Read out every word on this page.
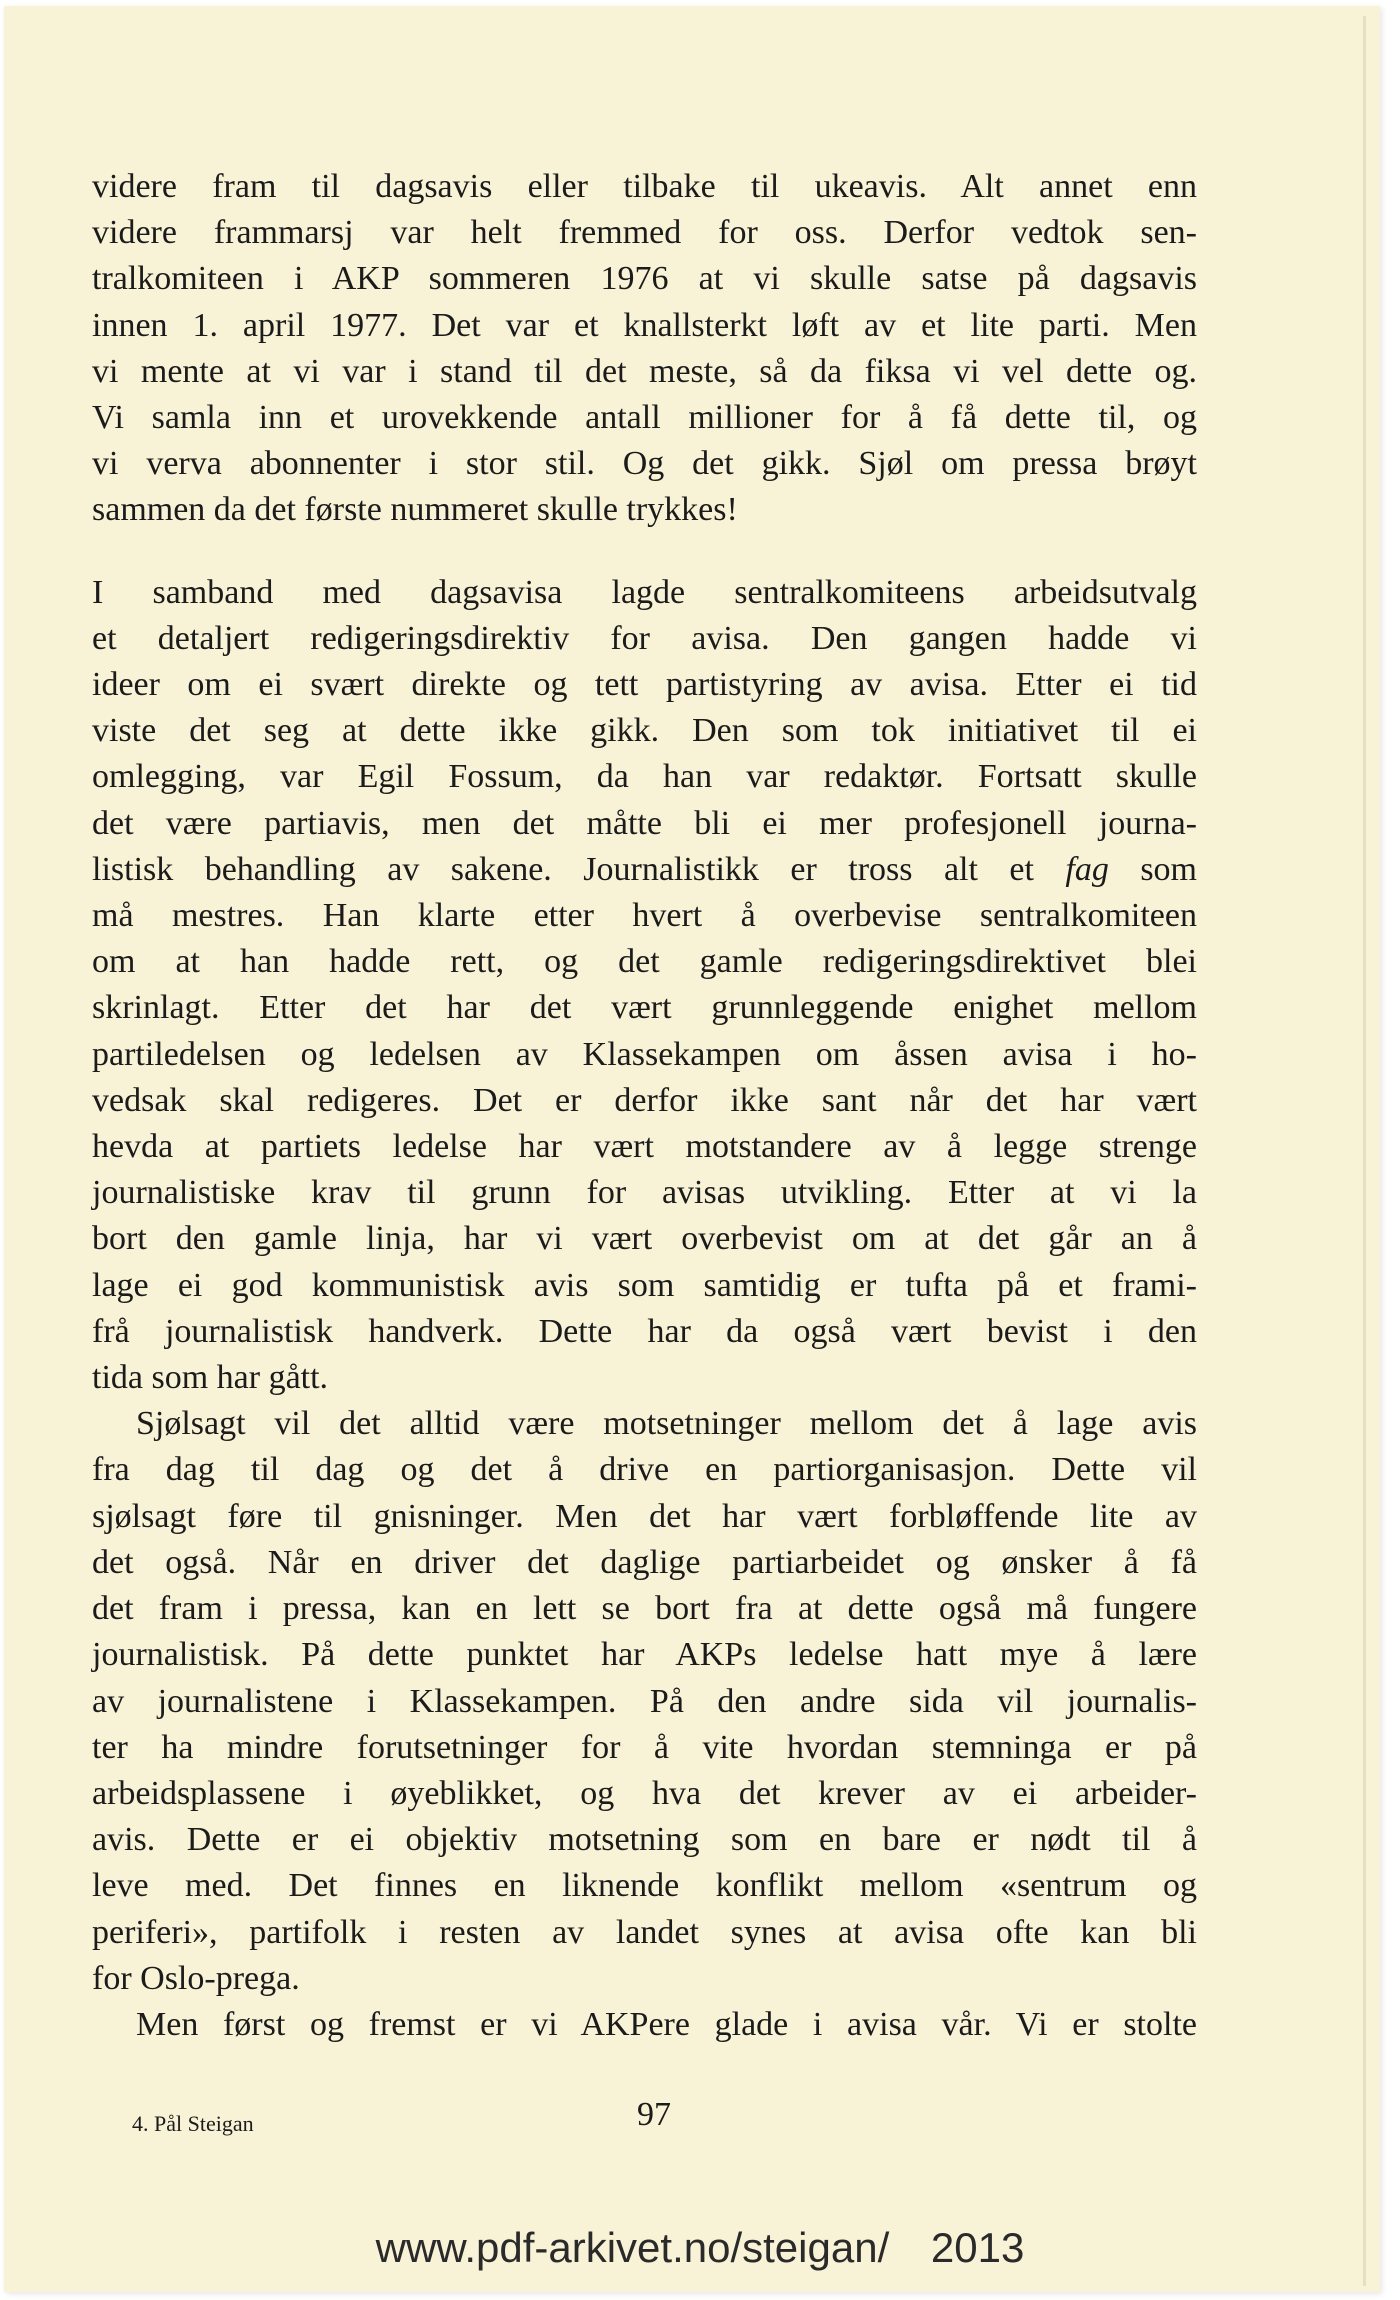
videre fram til dagsavis eller tilbake til ukeavis. Alt annet enn
videre frammarsj var helt fremmed for oss. Derfor vedtok sen-
tralkomiteen i AKP sommeren 1976 at vi skulle satse på dagsavis
innen 1. april 1977. Det var et knallsterkt løft av et lite parti. Men
vi mente at vi var i stand til det meste, så da fiksa vi vel dette og.
Vi samla inn et urovekkende antall millioner for å få dette til, og
vi verva abonnenter i stor stil. Og det gikk. Sjøl om pressa brøyt
sammen da det første nummeret skulle trykkes!
I samband med dagsavisa lagde sentralkomiteens arbeidsutvalg
et detaljert redigeringsdirektiv for avisa. Den gangen hadde vi
ideer om ei svært direkte og tett partistyring av avisa. Etter ei tid
viste det seg at dette ikke gikk. Den som tok initiativet til ei
omlegging, var Egil Fossum, da han var redaktør. Fortsatt skulle
det være partiavis, men det måtte bli ei mer profesjonell journa-
listisk behandling av sakene. Journalistikk er tross alt et fag som
må mestres. Han klarte etter hvert å overbevise sentralkomiteen
om at han hadde rett, og det gamle redigeringsdirektivet blei
skrinlagt. Etter det har det vært grunnleggende enighet mellom
partiledelsen og ledelsen av Klassekampen om åssen avisa i ho-
vedsak skal redigeres. Det er derfor ikke sant når det har vært
hevda at partiets ledelse har vært motstandere av å legge strenge
journalistiske krav til grunn for avisas utvikling. Etter at vi la
bort den gamle linja, har vi vært overbevist om at det går an å
lage ei god kommunistisk avis som samtidig er tufta på et frami-
frå journalistisk handverk. Dette har da også vært bevist i den
tida som har gått.
Sjølsagt vil det alltid være motsetninger mellom det å lage avis
fra dag til dag og det å drive en partiorganisasjon. Dette vil
sjølsagt føre til gnisninger. Men det har vært forbløffende lite av
det også. Når en driver det daglige partiarbeidet og ønsker å få
det fram i pressa, kan en lett se bort fra at dette også må fungere
journalistisk. På dette punktet har AKPs ledelse hatt mye å lære
av journalistene i Klassekampen. På den andre sida vil journalis-
ter ha mindre forutsetninger for å vite hvordan stemninga er på
arbeidsplassene i øyeblikket, og hva det krever av ei arbeider-
avis. Dette er ei objektiv motsetning som en bare er nødt til å
leve med. Det finnes en liknende konflikt mellom «sentrum og
periferi», partifolk i resten av landet synes at avisa ofte kan bli
for Oslo-prega.
Men først og fremst er vi AKPere glade i avisa vår. Vi er stolte
4. Pål Steigan	97
www.pdf-arkivet.no/steigan/ 2013
